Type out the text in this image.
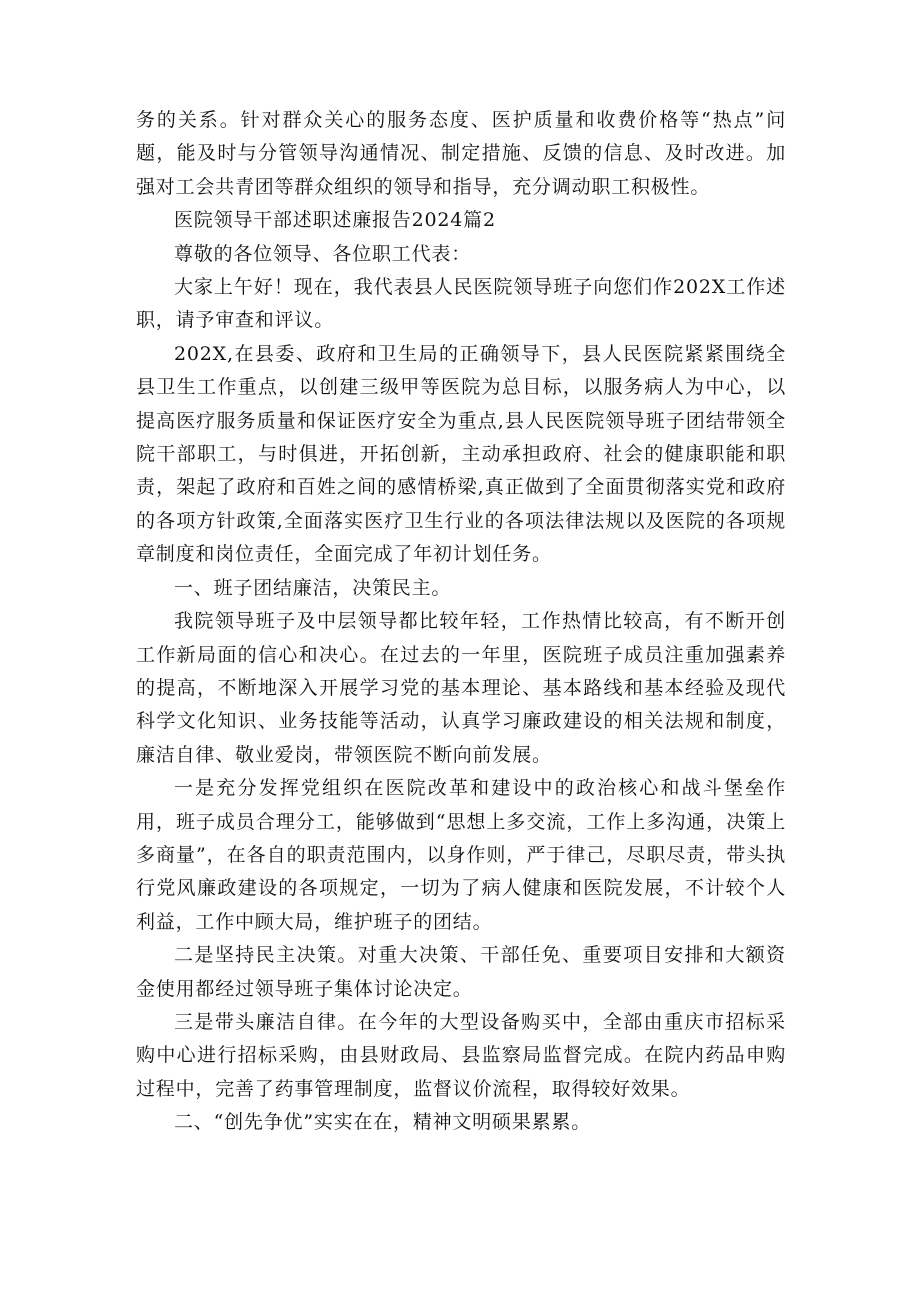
务的关系。针对群众关心的服务态度、医护质量和收费价格等“热点”问题，能及时与分管领导沟通情况、制定措施、反馈的信息、及时改进。加强对工会共青团等群众组织的领导和指导，充分调动职工积极性。

医院领导干部述职述廉报告2024篇2

尊敬的各位领导、各位职工代表：

大家上午好！现在，我代表县人民医院领导班子向您们作202X工作述职，请予审查和评议。

202X,在县委、政府和卫生局的正确领导下，县人民医院紧紧围绕全县卫生工作重点，以创建三级甲等医院为总目标，以服务病人为中心，以提高医疗服务质量和保证医疗安全为重点,县人民医院领导班子团结带领全院干部职工，与时俱进，开拓创新，主动承担政府、社会的健康职能和职责，架起了政府和百姓之间的感情桥梁,真正做到了全面贯彻落实党和政府的各项方针政策,全面落实医疗卫生行业的各项法律法规以及医院的各项规章制度和岗位责任，全面完成了年初计划任务。

一、班子团结廉洁，决策民主。

我院领导班子及中层领导都比较年轻，工作热情比较高，有不断开创工作新局面的信心和决心。在过去的一年里，医院班子成员注重加强素养的提高，不断地深入开展学习党的基本理论、基本路线和基本经验及现代科学文化知识、业务技能等活动，认真学习廉政建设的相关法规和制度，廉洁自律、敬业爱岗，带领医院不断向前发展。

一是充分发挥党组织在医院改革和建设中的政治核心和战斗堡垒作用，班子成员合理分工，能够做到“思想上多交流，工作上多沟通，决策上多商量”，在各自的职责范围内，以身作则，严于律己，尽职尽责，带头执行党风廉政建设的各项规定，一切为了病人健康和医院发展，不计较个人利益，工作中顾大局，维护班子的团结。

二是坚持民主决策。对重大决策、干部任免、重要项目安排和大额资金使用都经过领导班子集体讨论决定。

三是带头廉洁自律。在今年的大型设备购买中，全部由重庆市招标采购中心进行招标采购，由县财政局、县监察局监督完成。在院内药品申购过程中，完善了药事管理制度，监督议价流程，取得较好效果。

二、“创先争优”实实在在，精神文明硕果累累。
